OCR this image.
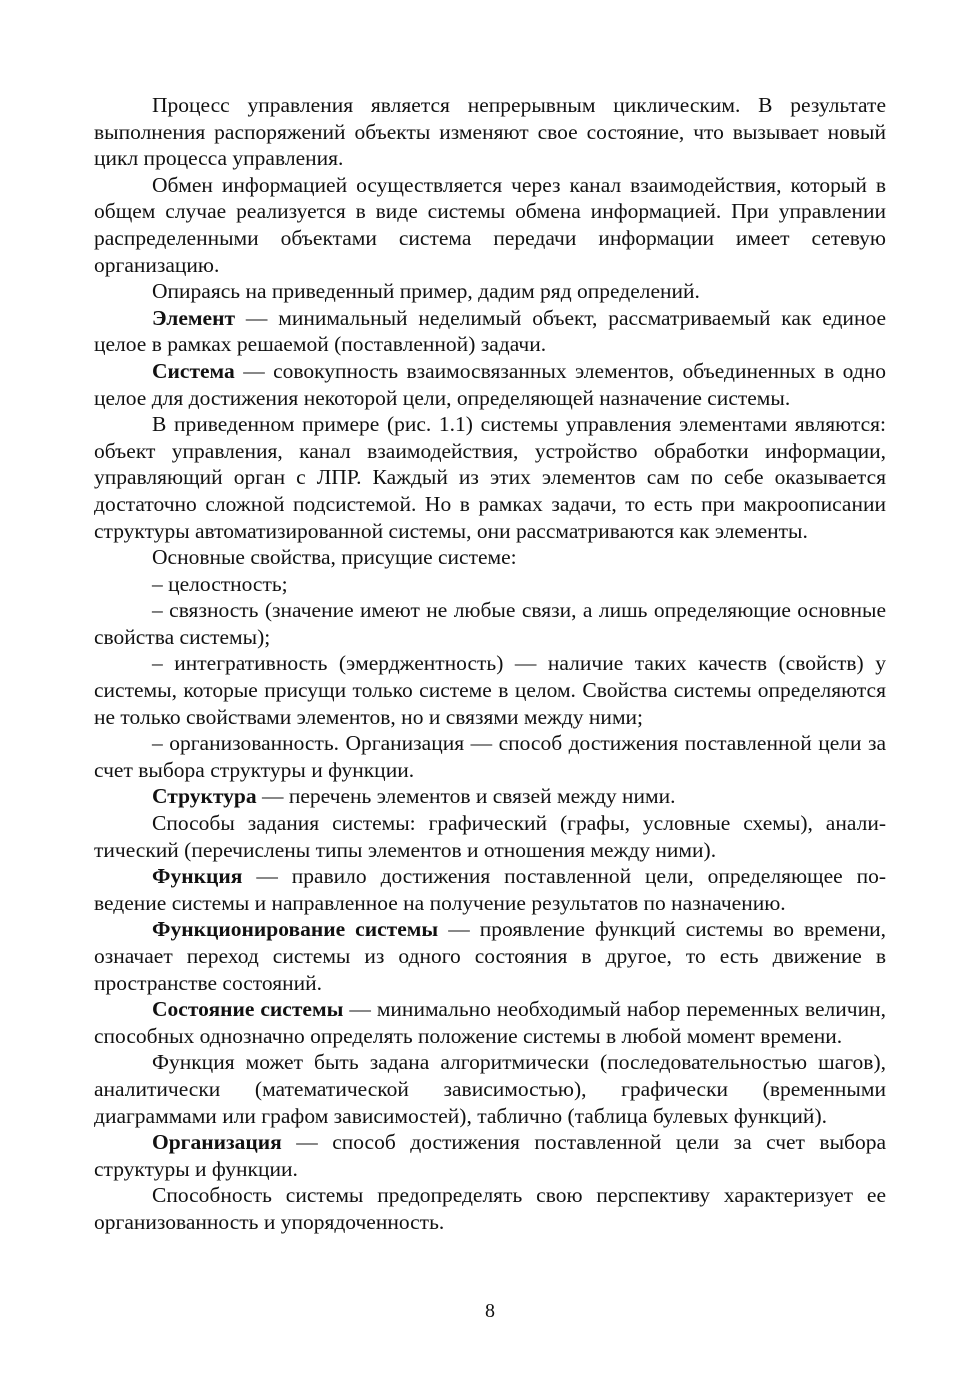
Процесс управления является непрерывным циклическим. В результате выполнения распоряжений объекты изменяют свое состояние, что вызывает новый цикл процесса управления.

Обмен информацией осуществляется через канал взаимодействия, который в общем случае реализуется в виде системы обмена информацией. При управлении распределенными объектами система передачи информации имеет сетевую организацию.

Опираясь на приведенный пример, дадим ряд определений.

Элемент — минимальный неделимый объект, рассматриваемый как единое целое в рамках решаемой (поставленной) задачи.

Система — совокупность взаимосвязанных элементов, объединенных в одно целое для достижения некоторой цели, определяющей назначение системы.

В приведенном примере (рис. 1.1) системы управления элементами являются: объект управления, канал взаимодействия, устройство обработки информации, управляющий орган с ЛПР. Каждый из этих элементов сам по себе оказывается достаточно сложной подсистемой. Но в рамках задачи, то есть при макроописании структуры автоматизированной системы, они рассматриваются как элементы.

Основные свойства, присущие системе:

– целостность;

– связность (значение имеют не любые связи, а лишь определяющие основные свойства системы);

– интегративность (эмерджентность) — наличие таких качеств (свойств) у системы, которые присущи только системе в целом. Свойства системы определяются не только свойствами элементов, но и связями между ними;

– организованность. Организация — способ достижения поставленной цели за счет выбора структуры и функции.

Структура — перечень элементов и связей между ними.

Способы задания системы: графический (графы, условные схемы), аналитический (перечислены типы элементов и отношения между ними).

Функция — правило достижения поставленной цели, определяющее поведение системы и направленное на получение результатов по назначению.

Функционирование системы — проявление функций системы во времени, означает переход системы из одного состояния в другое, то есть движение в пространстве состояний.

Состояние системы — минимально необходимый набор переменных величин, способных однозначно определять положение системы в любой момент времени.

Функция может быть задана алгоритмически (последовательностью шагов), аналитически (математической зависимостью), графически (временными диаграммами или графом зависимостей), таблично (таблица булевых функций).

Организация — способ достижения поставленной цели за счет выбора структуры и функции.

Способность системы предопределять свою перспективу характеризует ее организованность и упорядоченность.

8
